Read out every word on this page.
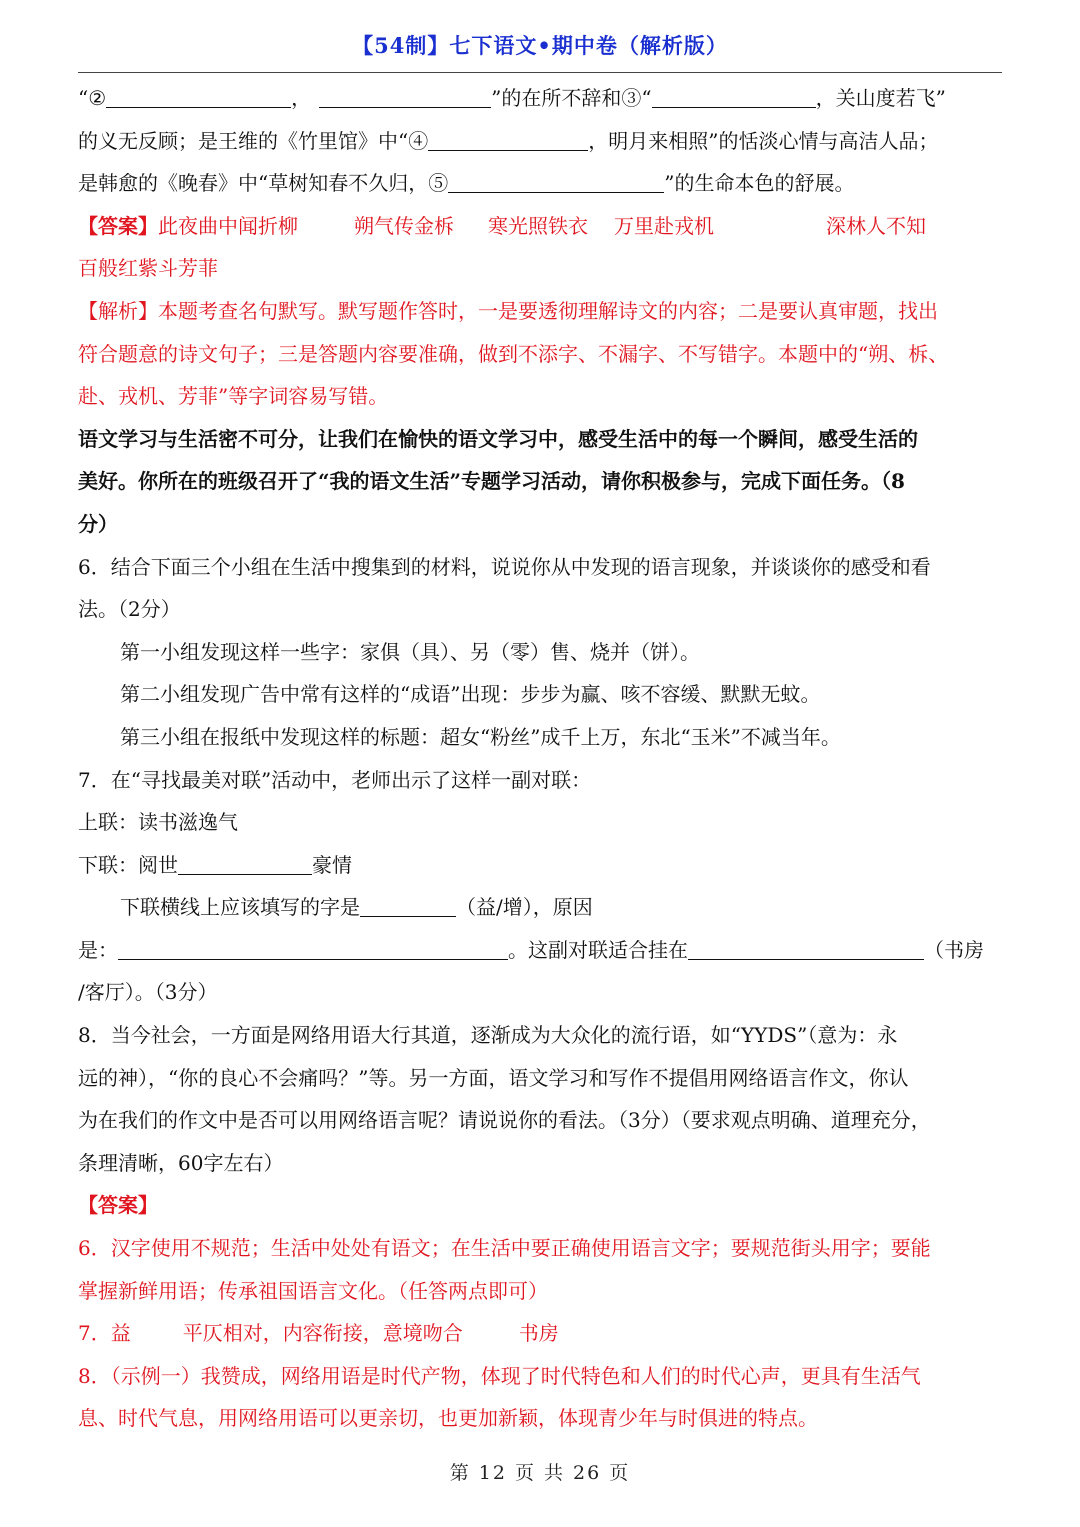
【54制】七下语文•期中卷（解析版）
“②	，	”的在所不辞和③“	，关山度若飞”
的义无反顾；是王维的《竹里馆》中“④	，明月来相照”的恬淡心情与高洁人品；
是韩愈的《晚春》中“草树知春不久归，⑤	”的生命本色的舒展。
【答案】此夜曲中闻折柳	朔气传金柝 寒光照铁衣 万里赴戎机	深林人不知
百般红紫斗芳菲
【解析】本题考查名句默写。默写题作答时，一是要透彻理解诗文的内容；二是要认真审题，找出
符合题意的诗文句子；三是答题内容要准确，做到不添字、不漏字、不写错字。本题中的“朔、柝、
赴、戎机、芳菲”等字词容易写错。
语文学习与生活密不可分，让我们在愉快的语文学习中，感受生活中的每一个瞬间，感受生活的
美好。你所在的班级召开了“我的语文生活”专题学习活动，请你积极参与，完成下面任务。（8
分）
6．结合下面三个小组在生活中搜集到的材料，说说你从中发现的语言现象，并谈谈你的感受和看
法。（2分）
第一小组发现这样一些字：家俱（具）、另（零）售、烧并（饼）。
第二小组发现广告中常有这样的“成语”出现：步步为赢、咳不容缓、默默无蚊。
第三小组在报纸中发现这样的标题：超女“粉丝”成千上万，东北“玉米”不减当年。
7．在“寻找最美对联”活动中，老师出示了这样一副对联：
上联：读书滋逸气
下联：阅世	豪情
下联横线上应该填写的字是	（益/增），原因
是：	。这副对联适合挂在	（书房
/客厅）。（3分）
8．当今社会，一方面是网络用语大行其道，逐渐成为大众化的流行语，如“YYDS”（意为：永
远的神），“你的良心不会痛吗？”等。另一方面，语文学习和写作不提倡用网络语言作文，你认
为在我们的作文中是否可以用网络语言呢？请说说你的看法。（3分）（要求观点明确、道理充分，
条理清晰，60字左右）
【答案】
6．汉字使用不规范；生活中处处有语文；在生活中要正确使用语言文字；要规范街头用字；要能
掌握新鲜用语；传承祖国语言文化。（任答两点即可）
7．益	平仄相对，内容衔接，意境吻合	书房
8．（示例一）我赞成，网络用语是时代产物，体现了时代特色和人们的时代心声，更具有生活气
息、时代气息，用网络用语可以更亲切，也更加新颖，体现青少年与时俱进的特点。
第 12 页 共 26 页
